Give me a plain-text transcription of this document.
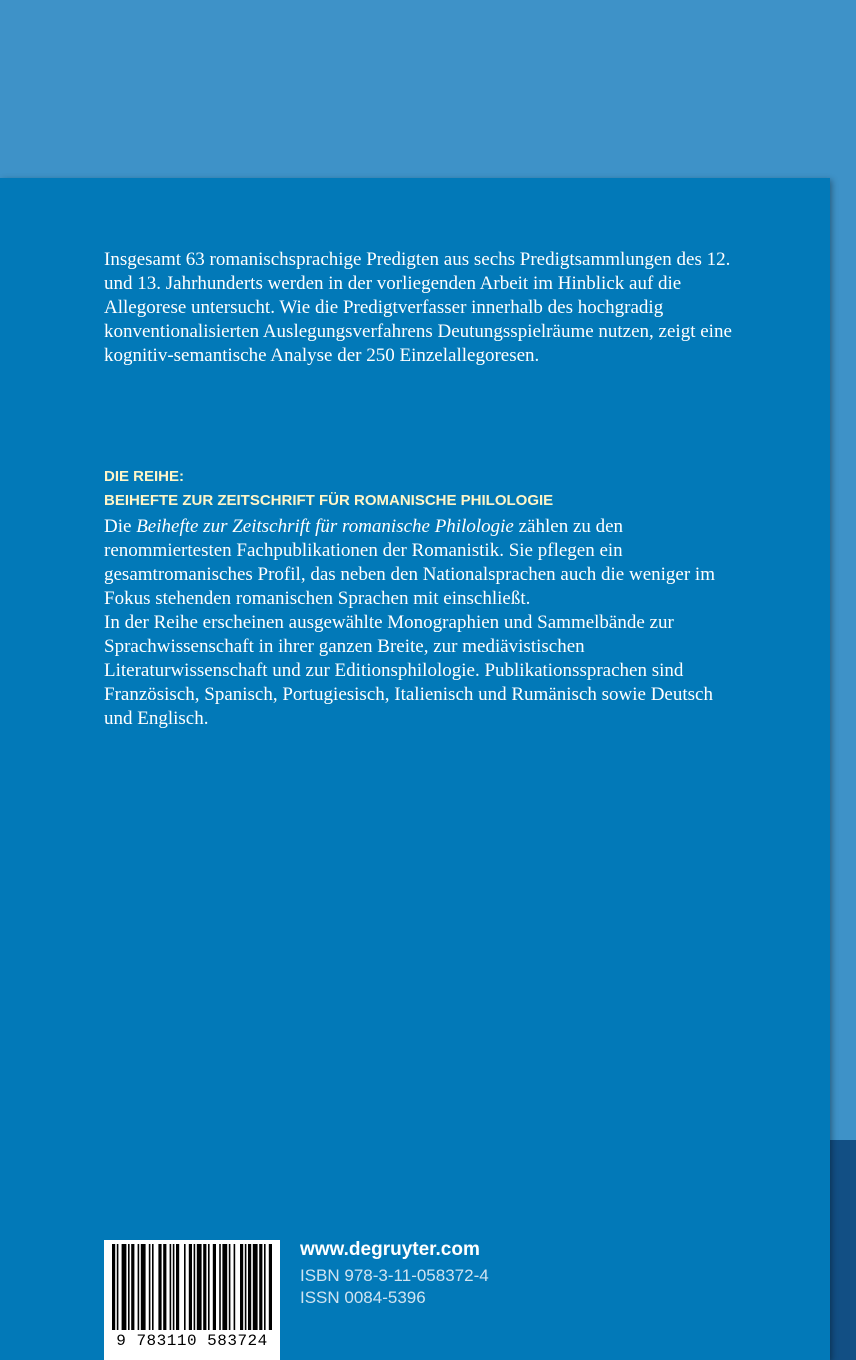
Insgesamt 63 romanischsprachige Predigten aus sechs Predigtsammlungen des 12. und 13. Jahrhunderts werden in der vorliegenden Arbeit im Hinblick auf die Allegorese untersucht. Wie die Predigtverfasser innerhalb des hochgradig konventionalisierten Auslegungsverfahrens Deutungsspielräume nutzen, zeigt eine kognitiv-semantische Analyse der 250 Einzelallegoresen.

DIE REIHE:
BEIHEFTE ZUR ZEITSCHRIFT FÜR ROMANISCHE PHILOLOGIE
Die Beihefte zur Zeitschrift für romanische Philologie zählen zu den renommiertesten Fachpublikationen der Romanistik. Sie pflegen ein gesamtromanisches Profil, das neben den Nationalsprachen auch die weniger im Fokus stehenden romanischen Sprachen mit einschließt.
In der Reihe erscheinen ausgewählte Monographien und Sammelbände zur Sprachwissenschaft in ihrer ganzen Breite, zur mediävistischen Literaturwissenschaft und zur Editionsphilologie. Publikationssprachen sind Französisch, Spanisch, Portugiesisch, Italienisch und Rumänisch sowie Deutsch und Englisch.
9 783110 583724
www.degruyter.com
ISBN 978-3-11-058372-4
ISSN 0084-5396
